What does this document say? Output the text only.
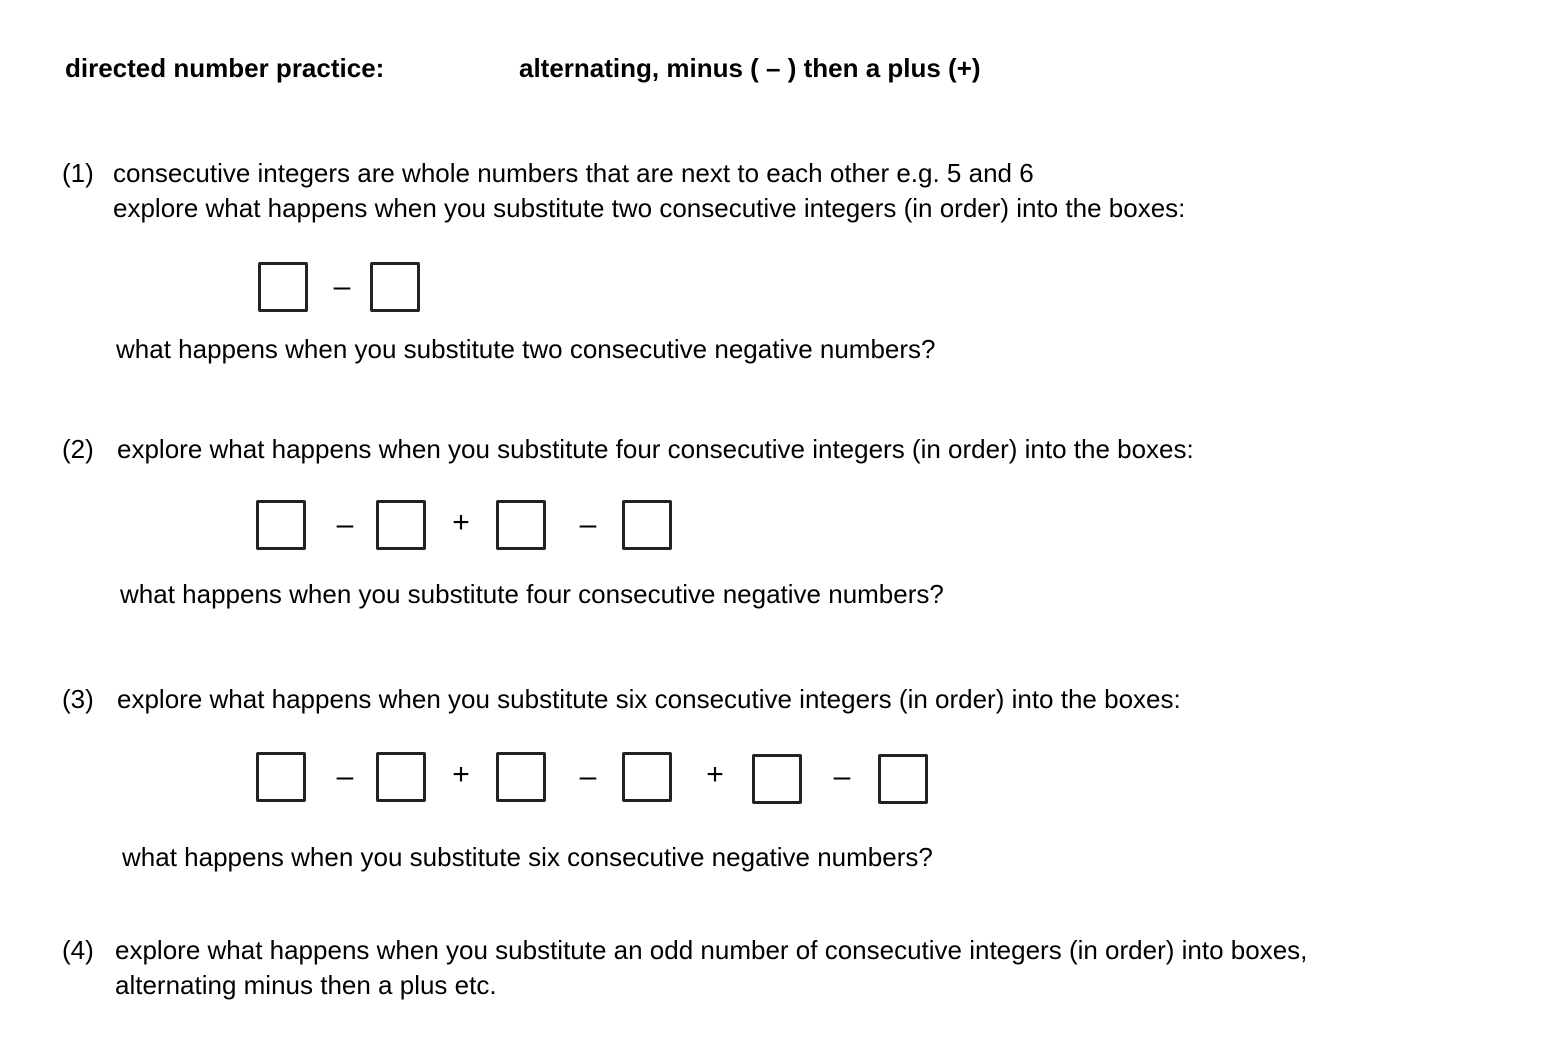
directed number practice:	alternating, minus ( – ) then a plus (+)
(1) consecutive integers are whole numbers that are next to each other e.g. 5 and 6
explore what happens when you substitute two consecutive integers (in order) into the boxes:
–
what happens when you substitute two consecutive negative numbers?
(2) explore what happens when you substitute four consecutive integers (in order) into the boxes:
–	+	–
what happens when you substitute four consecutive negative numbers?
(3) explore what happens when you substitute six consecutive integers (in order) into the boxes:
–	+	–	+	–
what happens when you substitute six consecutive negative numbers?
(4) explore what happens when you substitute an odd number of consecutive integers (in order) into boxes,
alternating minus then a plus etc.
